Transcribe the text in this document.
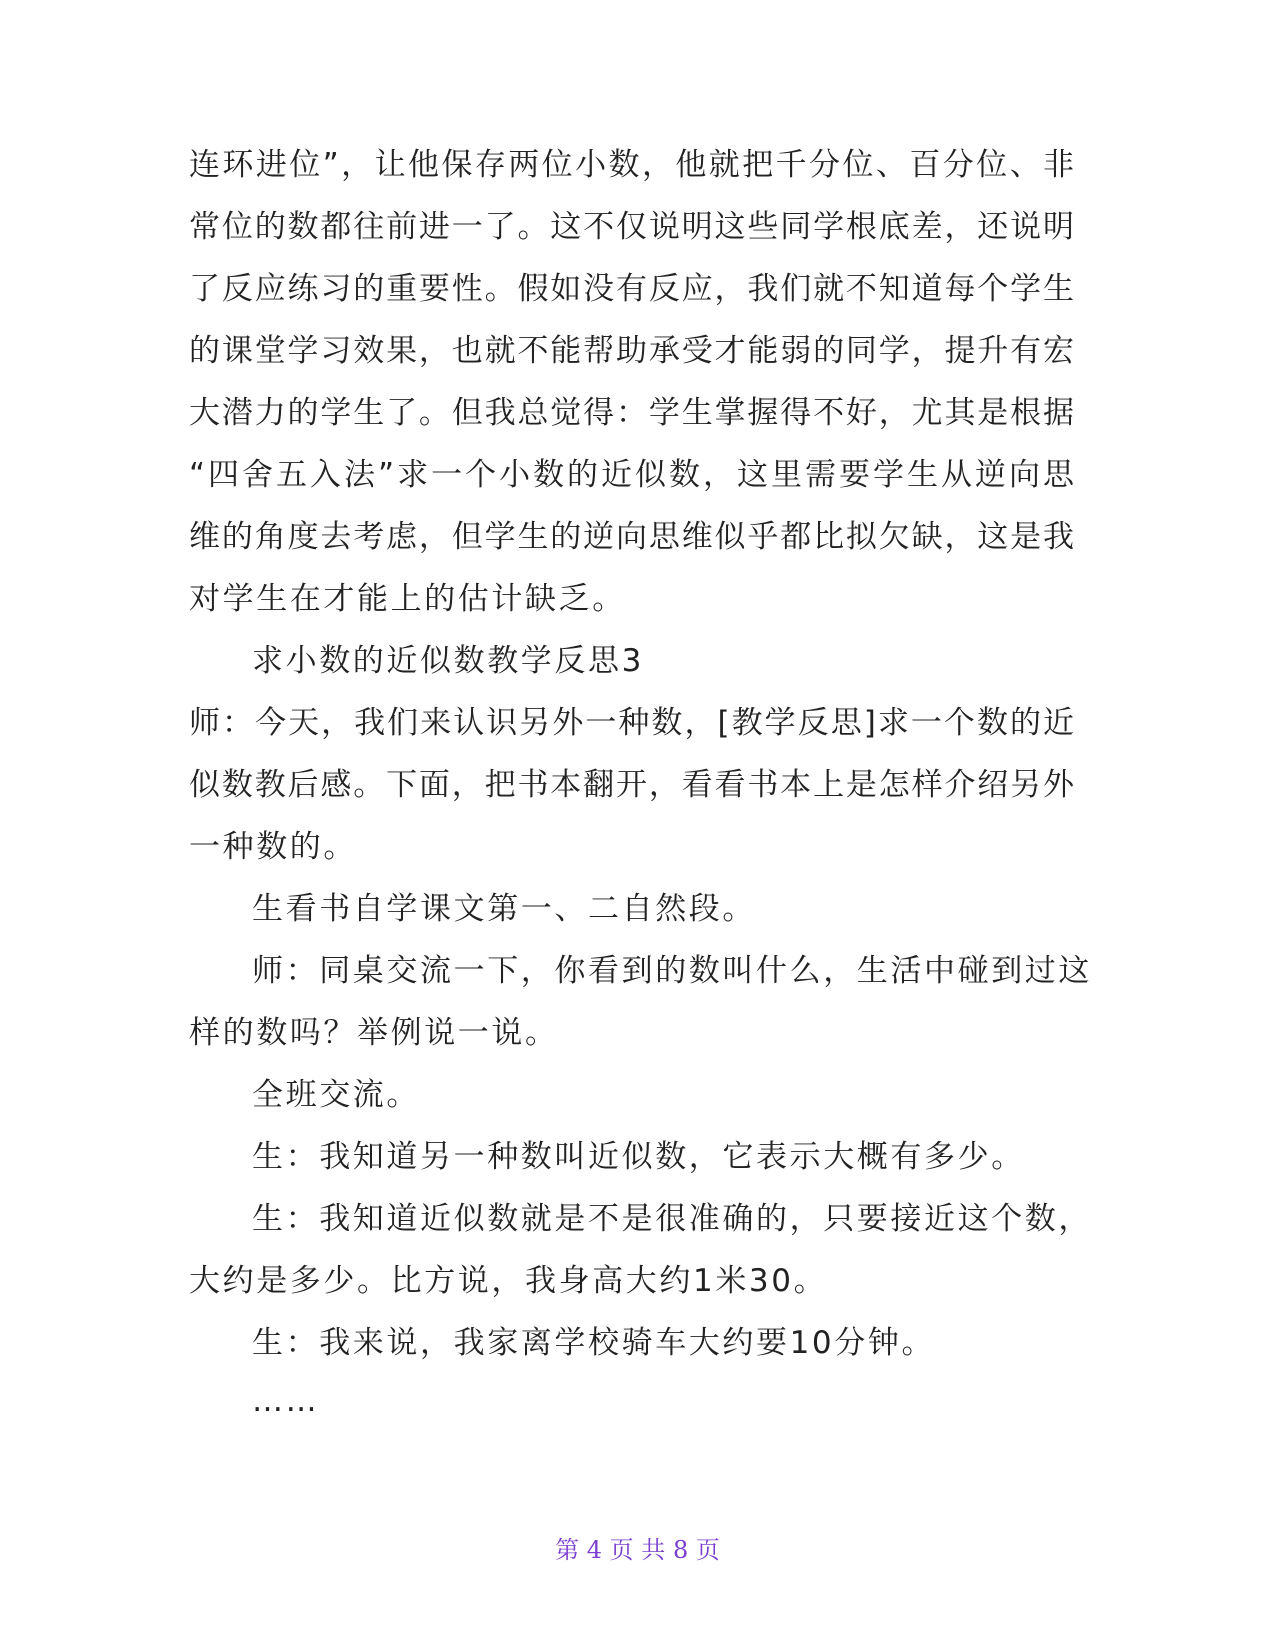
连环进位”，让他保存两位小数，他就把千分位、百分位、非
常位的数都往前进一了。这不仅说明这些同学根底差，还说明
了反应练习的重要性。假如没有反应，我们就不知道每个学生
的课堂学习效果，也就不能帮助承受才能弱的同学，提升有宏
大潜力的学生了。但我总觉得：学生掌握得不好，尤其是根据
“四舍五入法”求一个小数的近似数，这里需要学生从逆向思
维的角度去考虑，但学生的逆向思维似乎都比拟欠缺，这是我
对学生在才能上的估计缺乏。
求小数的近似数教学反思3
师：今天，我们来认识另外一种数，[教学反思]求一个数的近
似数教后感。下面，把书本翻开，看看书本上是怎样介绍另外
一种数的。
生看书自学课文第一、二自然段。
师：同桌交流一下，你看到的数叫什么，生活中碰到过这
样的数吗？举例说一说。
全班交流。
生：我知道另一种数叫近似数，它表示大概有多少。
生：我知道近似数就是不是很准确的，只要接近这个数，
大约是多少。比方说，我身高大约1米30。
生：我来说，我家离学校骑车大约要10分钟。
……
第 4 页 共 8 页
